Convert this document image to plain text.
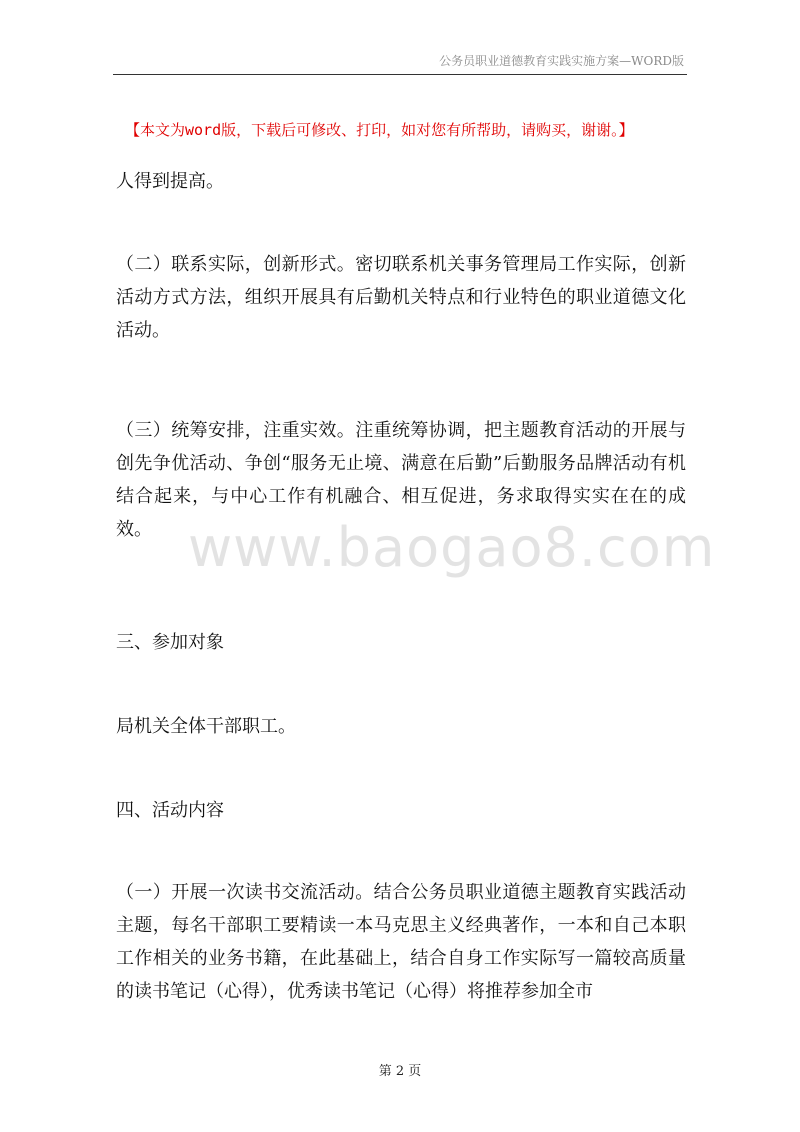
公务员职业道德教育实践实施方案—WORD版
【本文为word版，下载后可修改、打印，如对您有所帮助，请购买，谢谢。】
人得到提高。
（二）联系实际，创新形式。密切联系机关事务管理局工作实际，创新活动方式方法，组织开展具有后勤机关特点和行业特色的职业道德文化活动。
（三）统筹安排，注重实效。注重统筹协调，把主题教育活动的开展与创先争优活动、争创“服务无止境、满意在后勤”后勤服务品牌活动有机结合起来，与中心工作有机融合、相互促进，务求取得实实在在的成效。
三、参加对象
局机关全体干部职工。
四、活动内容
（一）开展一次读书交流活动。结合公务员职业道德主题教育实践活动主题，每名干部职工要精读一本马克思主义经典著作，一本和自己本职工作相关的业务书籍，在此基础上，结合自身工作实际写一篇较高质量的读书笔记（心得），优秀读书笔记（心得）将推荐参加全市
www.baogao8.com
第 2 页
